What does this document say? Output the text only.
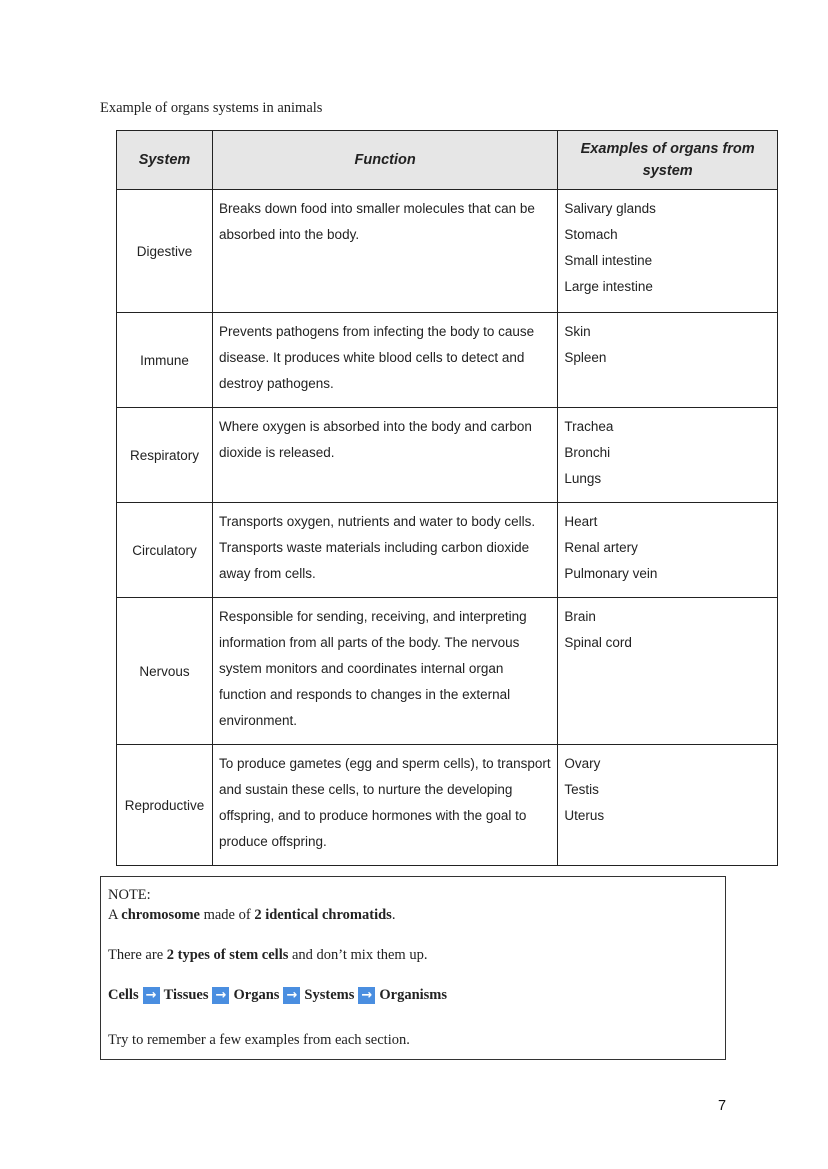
Example of organs systems in animals
System	Function	Examples of organs from system
Digestive	Breaks down food into smaller molecules that can be absorbed into the body.	Salivary glands
Stomach
Small intestine
Large intestine

Immune	Prevents pathogens from infecting the body to cause disease. It produces white blood cells to detect and destroy pathogens.	Skin
Spleen

Respiratory	Where oxygen is absorbed into the body and carbon dioxide is released.	Trachea
Bronchi
Lungs

Circulatory	Transports oxygen, nutrients and water to body cells. Transports waste materials including carbon dioxide away from cells.	Heart
Renal artery
Pulmonary vein

Nervous	Responsible for sending, receiving, and interpreting information from all parts of the body. The nervous system monitors and coordinates internal organ function and responds to changes in the external environment.	Brain
Spinal cord

Reproductive	To produce gametes (egg and sperm cells), to transport and sustain these cells, to nurture the developing offspring, and to produce hormones with the goal to produce offspring.	Ovary
Testis
Uterus
NOTE:
A chromosome made of 2 identical chromatids.
There are 2 types of stem cells and don’t mix them up.
Cells → Tissues → Organs → Systems → Organisms
Try to remember a few examples from each section.
7
